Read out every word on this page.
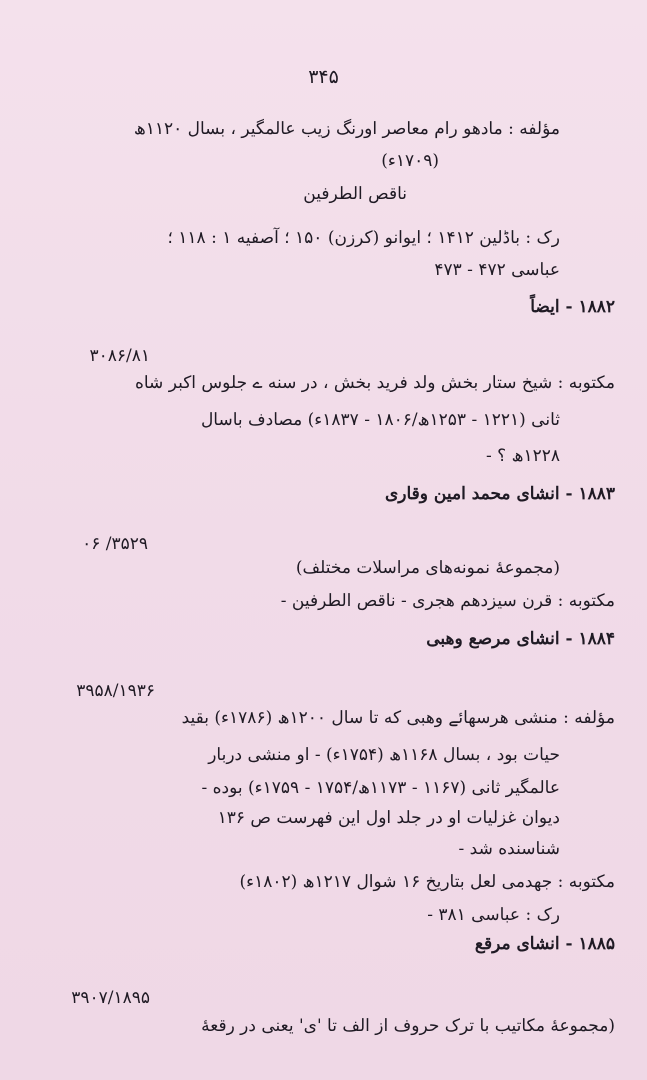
۳۴۵
مؤلفه : مادهو رام معاصر اورنگ زیب عالمگیر ، بسال ۱۱۲۰ھ
(۱۷۰۹ء)
ناقص الطرفین
رک : باڈلین ۱۴۱۲ ؛ ایوانو (کرزن) ۱۵۰ ؛ آصفیه ۱ : ۱۱۸ ؛
عباسی ۴۷۲ - ۴۷۳
۱۸۸۲ - ایضاً
۳۰۸۶/۸۱
مکتوبه : شیخ ستار بخش ولد فرید بخش ، در سنه ے جلوس اکبر شاه
ثانی (۱۲۲۱ - ۱۲۵۳ھ/۱۸۰۶ - ۱۸۳۷ء) مصادف باسال
۱۲۲۸ھ ؟ -
۱۸۸۳ - انشای محمد امین وقاری
۳۵۲۹/ ۰۶
(مجموعهٔ نمونه‌های مراسلات مختلف)
مکتوبه : قرن سیزدهم هجری - ناقص الطرفین -
۱۸۸۴ - انشای مرصع وهبی
۳۹۵۸/۱۹۳۶
مؤلفه : منشی هرسهائے وهبی که تا سال ۱۲۰۰ھ (۱۷۸۶ء) بقید
حیات بود ، بسال ۱۱۶۸ھ (۱۷۵۴ء) - او منشی دربار
عالمگیر ثانی (۱۱۶۷ - ۱۱۷۳ھ/۱۷۵۴ - ۱۷۵۹ء) بوده -
دیوان غزلیات او در جلد اول این فهرست ص ۱۳۶
شناسنده شد -
مکتوبه : جهدمی لعل بتاریخ ۱۶ شوال ۱۲۱۷ھ (۱۸۰۲ء)
رک : عباسی ۳۸۱ -
۱۸۸۵ - انشای مرقع
۳۹۰۷/۱۸۹۵
(مجموعهٔ مکاتیب با ترک حروف از الف تا 'ی' یعنی در رقعهٔ
